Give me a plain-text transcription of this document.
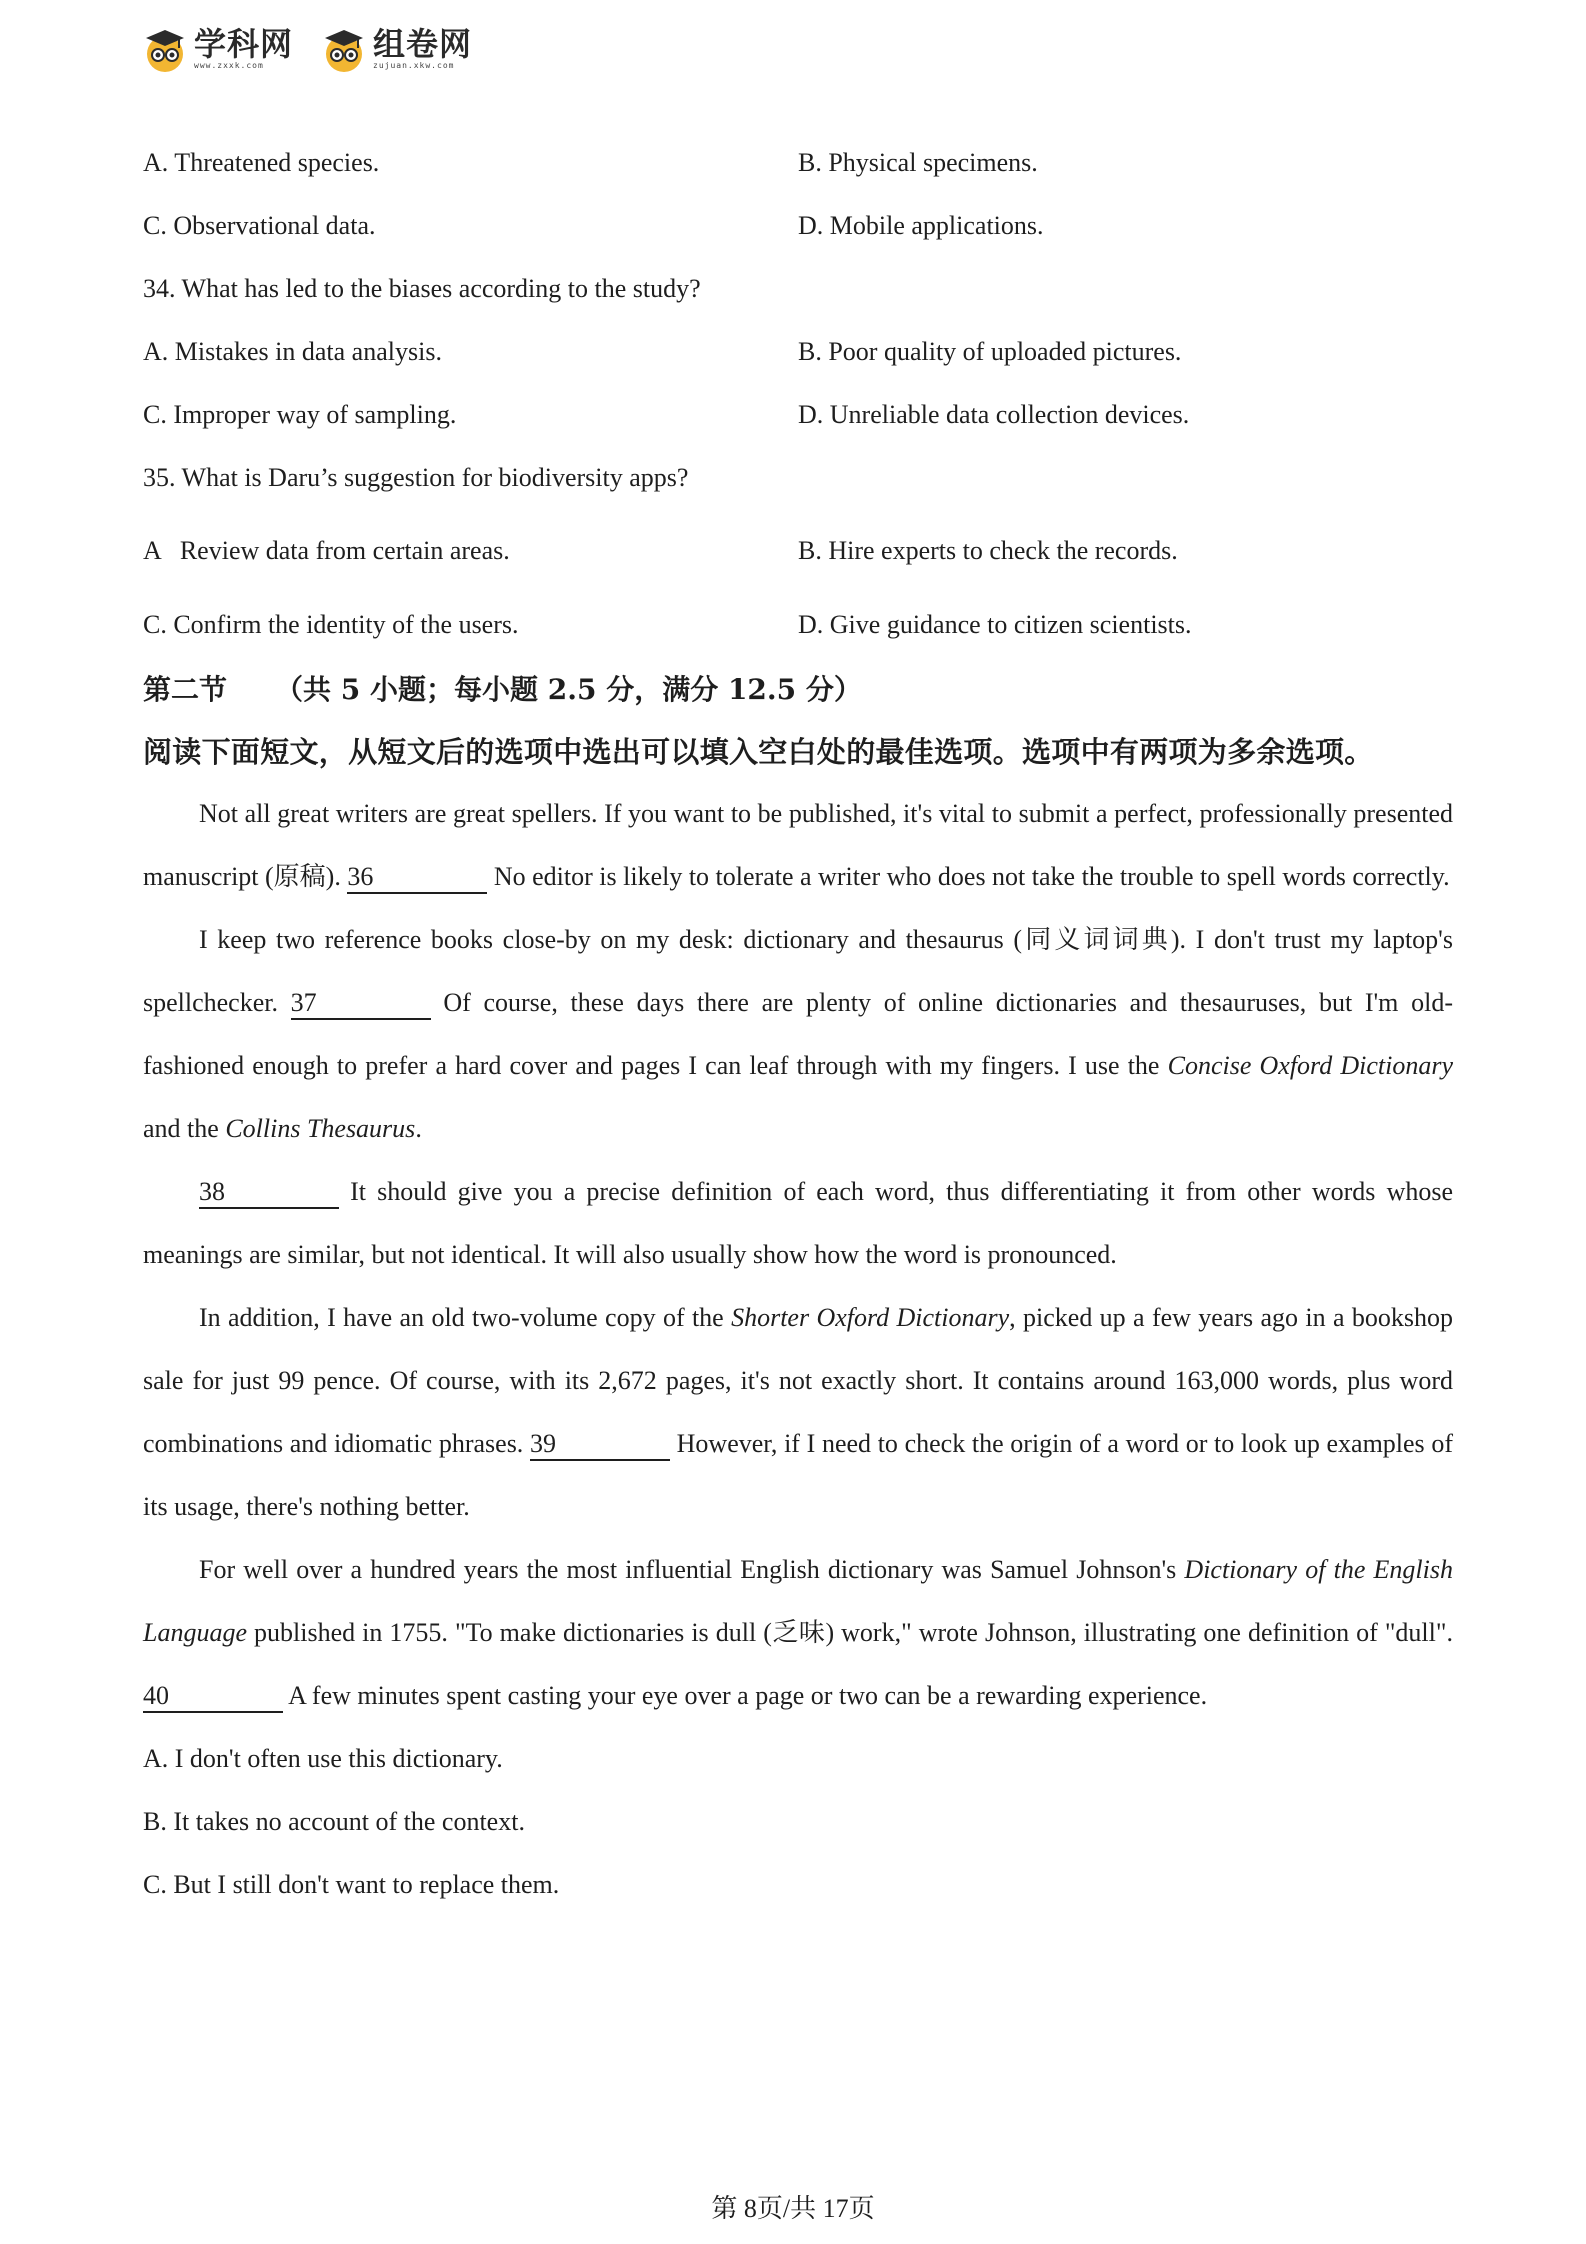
学科网
www.zxxk.com
组卷网
zujuan.xkw.com
A. Threatened species.	B. Physical specimens.
C. Observational data.	D. Mobile applications.
34. What has led to the biases according to the study?
A. Mistakes in data analysis.	B. Poor quality of uploaded pictures.
C. Improper way of sampling.	D. Unreliable data collection devices.
35. What is Daru’s suggestion for biodiversity apps?
A   Review data from certain areas.	B. Hire experts to check the records.
C. Confirm the identity of the users.	D. Give guidance to citizen scientists.
第二节 （共 5 小题；每小题 2.5 分，满分 12.5 分）
阅读下面短文，从短文后的选项中选出可以填入空白处的最佳选项。选项中有两项为多余选项。

Not all great writers are great spellers. If you want to be published, it's vital to submit a perfect, professionally presented manuscript (原稿). 36	No editor is likely to tolerate a writer who does not take the trouble to spell words correctly.

I keep two reference books close-by on my desk: dictionary and thesaurus (同义词词典). I don't trust my laptop's spellchecker. 37	Of course, these days there are plenty of online dictionaries and thesauruses, but I'm old-fashioned enough to prefer a hard cover and pages I can leaf through with my fingers. I use the Concise Oxford Dictionary and the Collins Thesaurus.

38	It should give you a precise definition of each word, thus differentiating it from other words whose meanings are similar, but not identical. It will also usually show how the word is pronounced.

In addition, I have an old two-volume copy of the Shorter Oxford Dictionary, picked up a few years ago in a bookshop sale for just 99 pence. Of course, with its 2,672 pages, it's not exactly short. It contains around 163,000 words, plus word combinations and idiomatic phrases. 39	However, if I need to check the origin of a word or to look up examples of its usage, there's nothing better.

For well over a hundred years the most influential English dictionary was Samuel Johnson's Dictionary of the English Language published in 1755. "To make dictionaries is dull (乏味) work," wrote Johnson, illustrating one definition of "dull". 40	A few minutes spent casting your eye over a page or two can be a rewarding experience.

A. I don't often use this dictionary.
B. It takes no account of the context.
C. But I still don't want to replace them.
第 8页/共 17页
